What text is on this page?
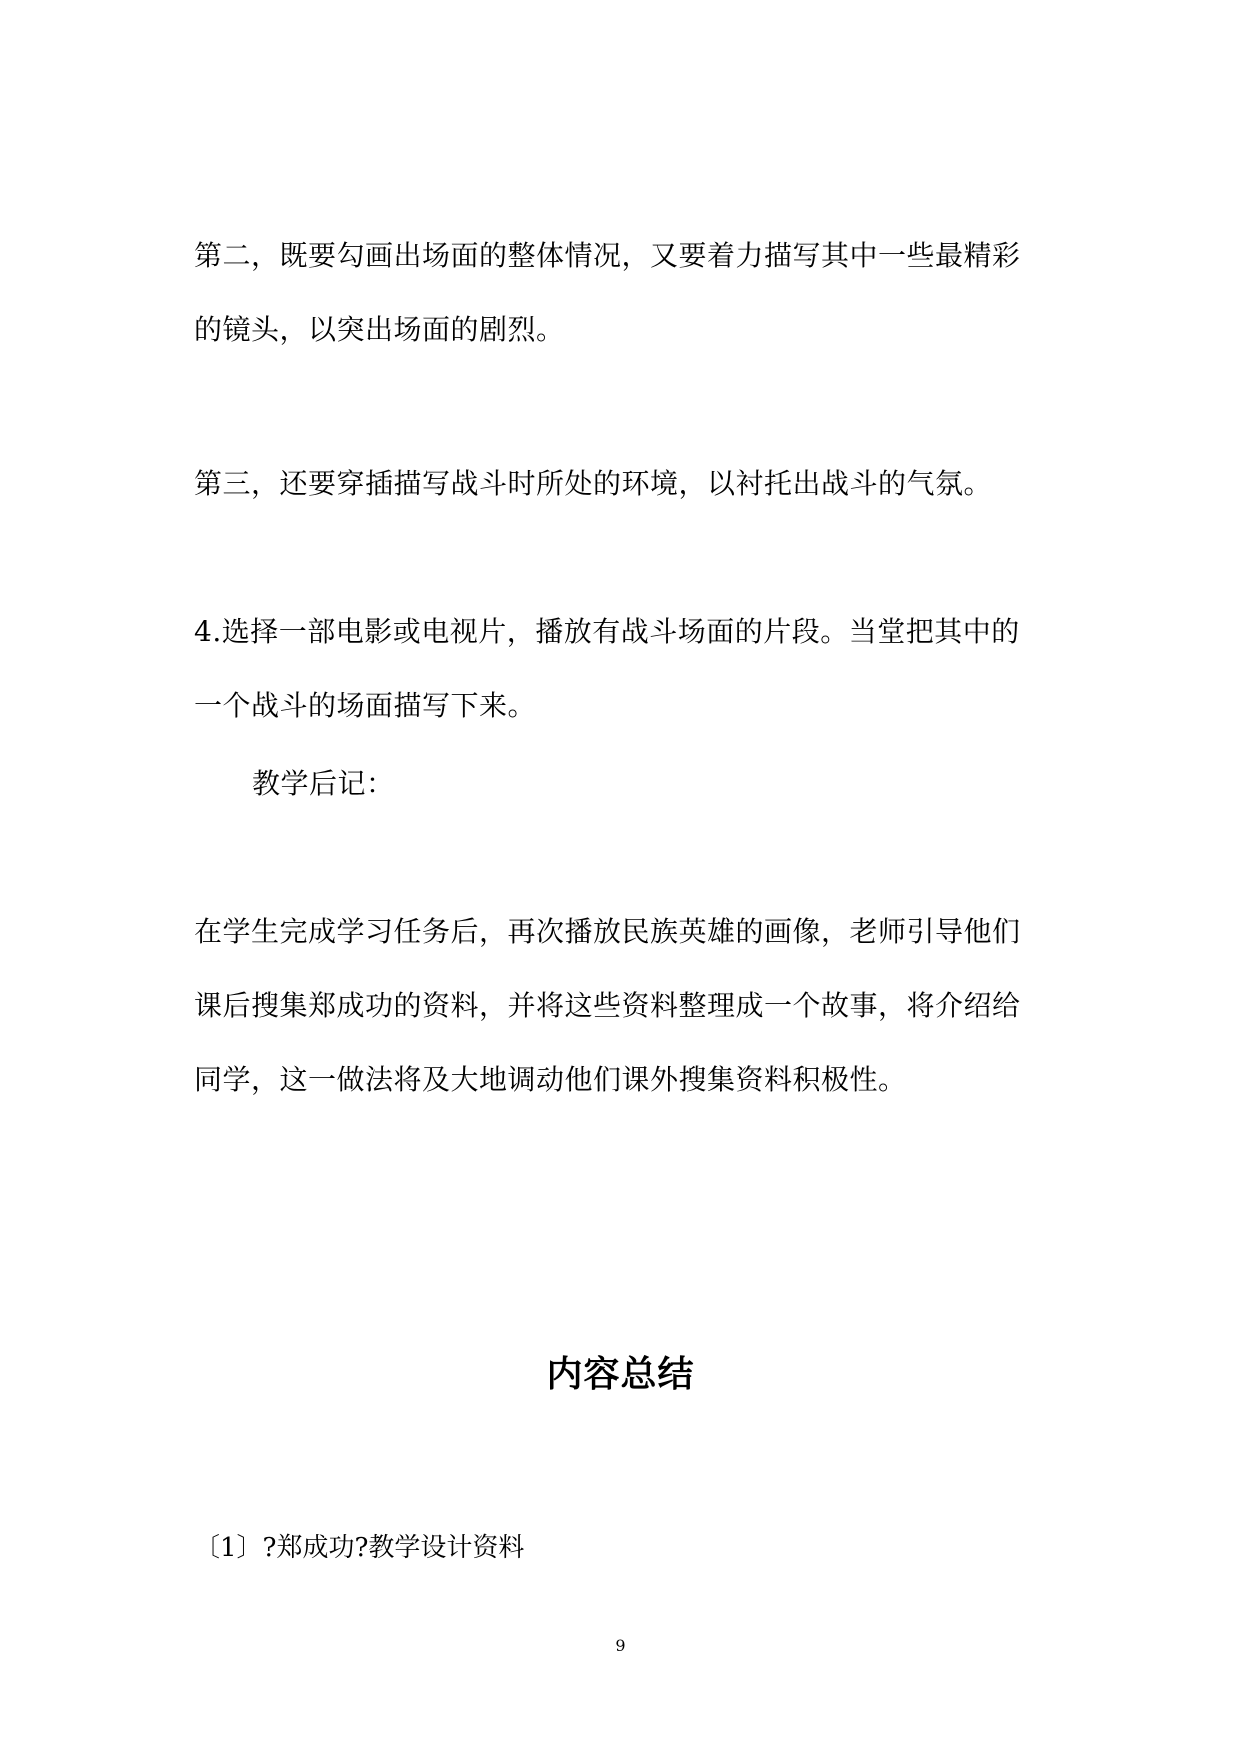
第二，既要勾画出场面的整体情况，又要着力描写其中一些最精彩
的镜头，以突出场面的剧烈。
第三，还要穿插描写战斗时所处的环境，以衬托出战斗的气氛。
4.选择一部电影或电视片，播放有战斗场面的片段。当堂把其中的
一个战斗的场面描写下来。
教学后记：
在学生完成学习任务后，再次播放民族英雄的画像，老师引导他们
课后搜集郑成功的资料，并将这些资料整理成一个故事，将介绍给
同学，这一做法将及大地调动他们课外搜集资料积极性。
内容总结
〔1〕?郑成功?教学设计资料
9
